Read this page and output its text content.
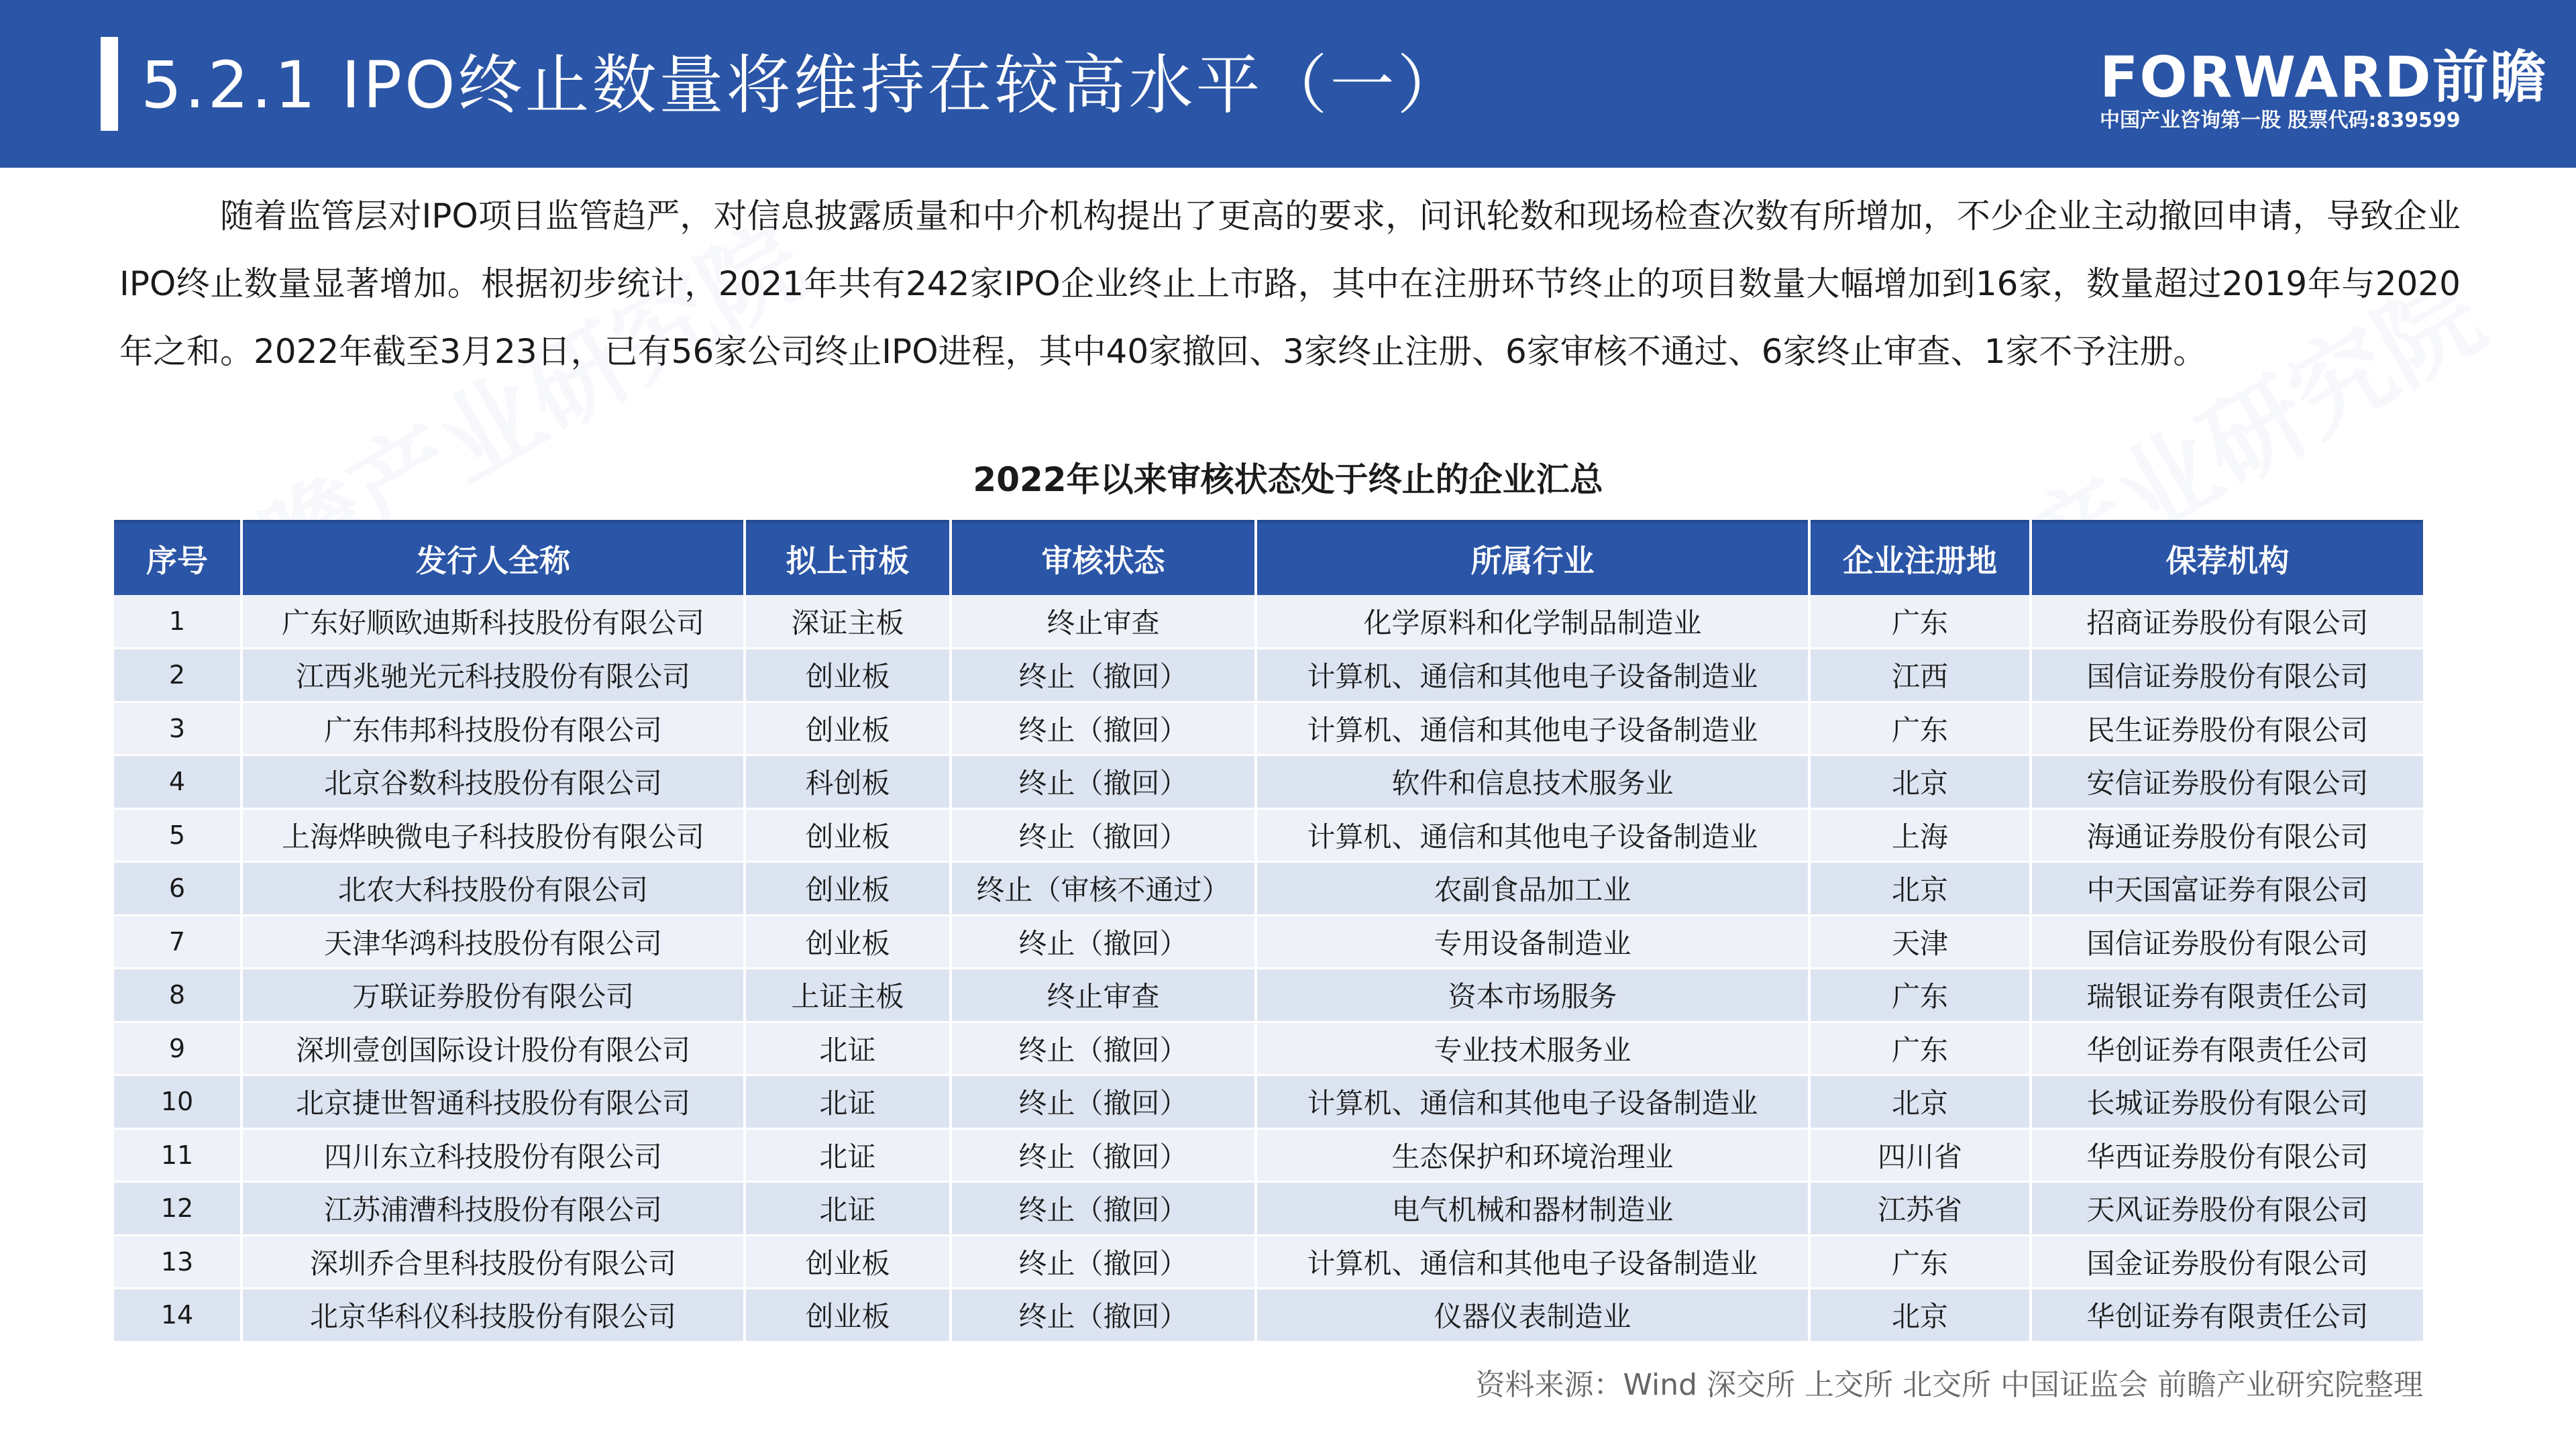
5.2.1 IPO终止数量将维持在较高水平（一）	FORWARD前瞻
中国产业咨询第一股 股票代码:839599

随着监管层对IPO项目监管趋严，对信息披露质量和中介机构提出了更高的要求，问讯轮数和现场检查次数有所增加，不少企业主动撤回申请，导致企业IPO终止数量显著增加。根据初步统计，2021年共有242家IPO企业终止上市路，其中在注册环节终止的项目数量大幅增加到16家，数量超过2019年与2020年之和。2022年截至3月23日，已有56家公司终止IPO进程，其中40家撤回、3家终止注册、6家审核不通过、6家终止审查、1家不予注册。

2022年以来审核状态处于终止的企业汇总
序号	发行人全称	拟上市板	审核状态	所属行业	企业注册地	保荐机构
1	广东好顺欧迪斯科技股份有限公司	深证主板	终止审查	化学原料和化学制品制造业	广东	招商证券股份有限公司
2	江西兆驰光元科技股份有限公司	创业板	终止（撤回）	计算机、通信和其他电子设备制造业	江西	国信证券股份有限公司
3	广东伟邦科技股份有限公司	创业板	终止（撤回）	计算机、通信和其他电子设备制造业	广东	民生证券股份有限公司
4	北京谷数科技股份有限公司	科创板	终止（撤回）	软件和信息技术服务业	北京	安信证券股份有限公司
5	上海烨映微电子科技股份有限公司	创业板	终止（撤回）	计算机、通信和其他电子设备制造业	上海	海通证券股份有限公司
6	北农大科技股份有限公司	创业板	终止（审核不通过）	农副食品加工业	北京	中天国富证券有限公司
7	天津华鸿科技股份有限公司	创业板	终止（撤回）	专用设备制造业	天津	国信证券股份有限公司
8	万联证券股份有限公司	上证主板	终止审查	资本市场服务	广东	瑞银证券有限责任公司
9	深圳壹创国际设计股份有限公司	北证	终止（撤回）	专业技术服务业	广东	华创证券有限责任公司
10	北京捷世智通科技股份有限公司	北证	终止（撤回）	计算机、通信和其他电子设备制造业	北京	长城证券股份有限公司
11	四川东立科技股份有限公司	北证	终止（撤回）	生态保护和环境治理业	四川省	华西证券股份有限公司
12	江苏浦漕科技股份有限公司	北证	终止（撤回）	电气机械和器材制造业	江苏省	天风证券股份有限公司
13	深圳乔合里科技股份有限公司	创业板	终止（撤回）	计算机、通信和其他电子设备制造业	广东	国金证券股份有限公司
14	北京华科仪科技股份有限公司	创业板	终止（撤回）	仪器仪表制造业	北京	华创证券有限责任公司
资料来源：Wind 深交所 上交所 北交所 中国证监会 前瞻产业研究院整理
